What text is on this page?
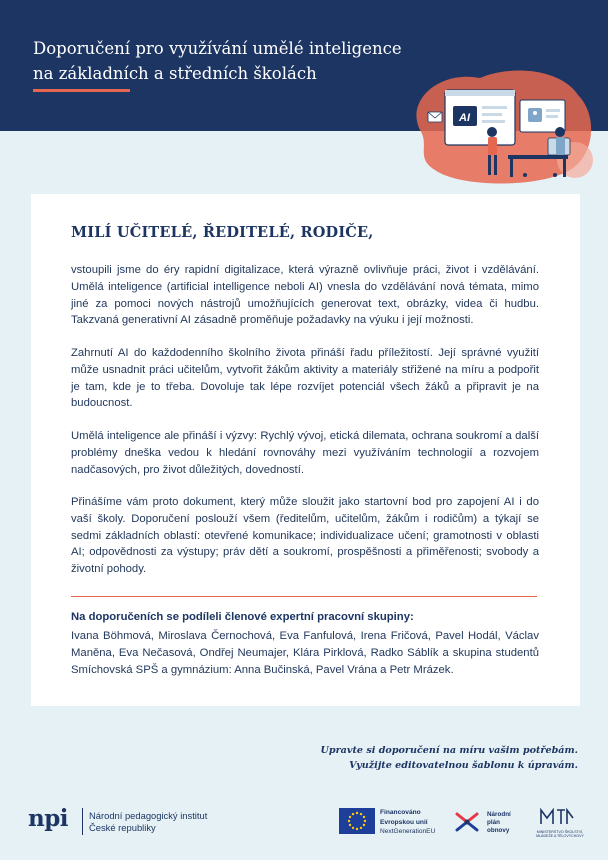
Doporučení pro využívání umělé inteligence
na základních a středních školách
AI
MILÍ UČITELÉ, ŘEDITELÉ, RODIČE,

vstoupili jsme do éry rapidní digitalizace, která výrazně ovlivňuje práci, život i vzdělávání. Umělá inteligence (artificial intelligence neboli AI) vnesla do vzdělávání nová témata, mimo jiné za pomoci nových nástrojů umožňujících generovat text, obrázky, videa či hudbu. Takzvaná generativní AI zásadně proměňuje požadavky na výuku i její možnosti.

Zahrnutí AI do každodenního školního života přináší řadu příležitostí. Její správné využití může usnadnit práci učitelům, vytvořit žákům aktivity a materiály střižené na míru a podpořit je tam, kde je to třeba. Dovoluje tak lépe rozvíjet potenciál všech žáků a připravit je na budoucnost.

Umělá inteligence ale přináší i výzvy: Rychlý vývoj, etická dilemata, ochrana soukromí a další problémy dneška vedou k hledání rovnováhy mezi využíváním technologií a rozvojem nadčasových, pro život důležitých, dovedností.

Přinášíme vám proto dokument, který může sloužit jako startovní bod pro zapojení AI i do vaší školy. Doporučení poslouží všem (ředitelům, učitelům, žákům i rodičům) a týkají se sedmi základních oblastí: otevřené komunikace; individualizace učení; gramotnosti v oblasti AI; odpovědnosti za výstupy; práv dětí a soukromí, prospěšnosti a přiměřenosti; svobody a životní pohody.

Na doporučeních se podíleli členové expertní pracovní skupiny:

Ivana Böhmová, Miroslava Černochová, Eva Fanfulová, Irena Fričová, Pavel Hodál, Václav Maněna, Eva Nečasová, Ondřej Neumajer, Klára Pirklová, Radko Sáblík a skupina studentů Smíchovská SPŠ a gymnázium: Anna Bučinská, Pavel Vrána a Petr Mrázek.

Upravte si doporučení na míru vašim potřebám.
Využijte editovatelnou šablonu k úpravám.
npi Národní pedagogický institut
České republiky
Financováno
Evropskou unií
NextGenerationEU
Národní
plán
obnovy	MINISTERSTVO ŠKOLSTVÍ, MLÁDEŽE A TĚLOVÝCHOVY
